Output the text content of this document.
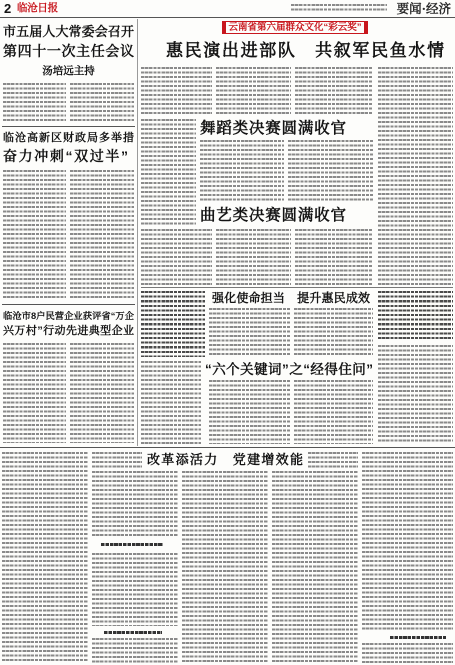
2 临沧日报	要闻·经济
市五届人大常委会召开
第四十一次主任会议
汤培远主持
临沧高新区财政局多举措
奋力冲刺“双过半”
临沧市8户民营企业获评省“万企
兴万村”行动先进典型企业
云南省第六届群众文化“彩云奖”
惠民演出进部队　共叙军民鱼水情
舞蹈类决赛圆满收官
曲艺类决赛圆满收官
强化使命担当　提升惠民成效
“六个关键词”之“经得住问”
改革添活力　党建增效能
